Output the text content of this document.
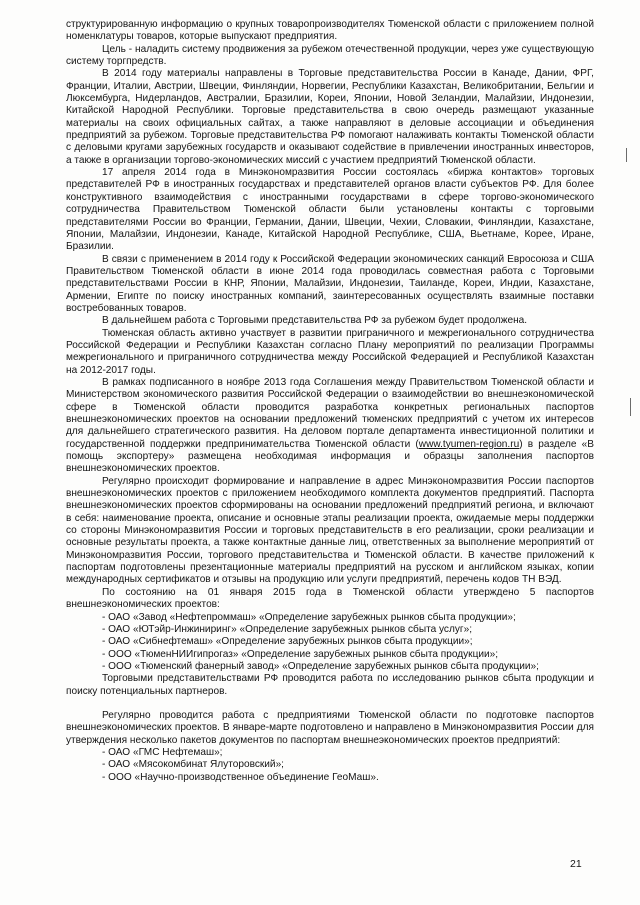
структурированную информацию о крупных товаропроизводителях Тюменской области с приложением полной номенклатуры товаров, которые выпускают предприятия.

Цель - наладить систему продвижения за рубежом отечественной продукции, через уже существующую систему торгпредств.

В 2014 году материалы направлены в Торговые представительства России в Канаде, Дании, ФРГ, Франции, Италии, Австрии, Швеции, Финляндии, Норвегии, Республики Казахстан, Великобритании, Бельгии и Люксембурга, Нидерландов, Австралии, Бразилии, Кореи, Японии, Новой Зеландии, Малайзии, Индонезии, Китайской Народной Республики. Торговые представительства в свою очередь размещают указанные материалы на своих официальных сайтах, а также направляют в деловые ассоциации и объединения предприятий за рубежом. Торговые представительства РФ помогают налаживать контакты Тюменской области с деловыми кругами зарубежных государств и оказывают содействие в привлечении иностранных инвесторов, а также в организации торгово-экономических миссий с участием предприятий Тюменской области.

17 апреля 2014 года в Минэкономразвития России состоялась «биржа контактов» торговых представителей РФ в иностранных государствах и представителей органов власти субъектов РФ. Для более конструктивного взаимодействия с иностранными государствами в сфере торгово-экономического сотрудничества Правительством Тюменской области были установлены контакты с торговыми представителями России во Франции, Германии, Дании, Швеции, Чехии, Словакии, Финляндии, Казахстане, Японии, Малайзии, Индонезии, Канаде, Китайской Народной Республике, США, Вьетнаме, Корее, Иране, Бразилии.

В связи с применением в 2014 году к Российской Федерации экономических санкций Евросоюза и США Правительством Тюменской области в июне 2014 года проводилась совместная работа с Торговыми представительствами России в КНР, Японии, Малайзии, Индонезии, Таиланде, Кореи, Индии, Казахстане, Армении, Египте по поиску иностранных компаний, заинтересованных осуществлять взаимные поставки востребованных товаров.

В дальнейшем работа с Торговыми представительства РФ за рубежом будет продолжена.

Тюменская область активно участвует в развитии приграничного и межрегионального сотрудничества Российской Федерации и Республики Казахстан согласно Плану мероприятий по реализации Программы межрегионального и приграничного сотрудничества между Российской Федерацией и Республикой Казахстан на 2012-2017 годы.

В рамках подписанного в ноябре 2013 года Соглашения между Правительством Тюменской области и Министерством экономического развития Российской Федерации о взаимодействии во внешнеэкономической сфере в Тюменской области проводится разработка конкретных региональных паспортов внешнеэкономических проектов на основании предложений тюменских предприятий с учетом их интересов для дальнейшего стратегического развития. На деловом портале департамента инвестиционной политики и государственной поддержки предпринимательства Тюменской области (www.tyumen-region.ru) в разделе «В помощь экспортеру» размещена необходимая информация и образцы заполнения паспортов внешнеэкономических проектов.

Регулярно происходит формирование и направление в адрес Минэкономразвития России паспортов внешнеэкономических проектов с приложением необходимого комплекта документов предприятий. Паспорта внешнеэкономических проектов сформированы на основании предложений предприятий региона, и включают в себя: наименование проекта, описание и основные этапы реализации проекта, ожидаемые меры поддержки со стороны Минэкономразвития России и торговых представительств в его реализации, сроки реализации и основные результаты проекта, а также контактные данные лиц, ответственных за выполнение мероприятий от Минэкономразвития России, торгового представительства и Тюменской области. В качестве приложений к паспортам подготовлены презентационные материалы предприятий на русском и английском языках, копии международных сертификатов и отзывы на продукцию или услуги предприятий, перечень кодов ТН ВЭД.

По состоянию на 01 января 2015 года в Тюменской области утверждено 5 паспортов внешнеэкономических проектов:

- ОАО «Завод «Нефтепроммаш» «Определение зарубежных рынков сбыта продукции»;
- ОАО «ЮТэйр-Инжиниринг» «Определение зарубежных рынков сбыта услуг»;
- ОАО «Сибнефтемаш» «Определение зарубежных рынков сбыта продукции»;
- ООО «ТюменНИИгипрогаз» «Определение зарубежных рынков сбыта продукции»;
- ООО «Тюменский фанерный завод» «Определение зарубежных рынков сбыта продукции»;

Торговыми представительствами РФ проводится работа по исследованию рынков сбыта продукции и поиску потенциальных партнеров.

Регулярно проводится работа с предприятиями Тюменской области по подготовке паспортов внешнеэкономических проектов. В январе-марте подготовлено и направлено в Минэкономразвития России для утверждения несколько пакетов документов по паспортам внешнеэкономических проектов предприятий:

- ОАО «ГМС Нефтемаш»;
- ОАО «Мясокомбинат Ялуторовский»;
- ООО «Научно-производственное объединение ГеоМаш».
21
